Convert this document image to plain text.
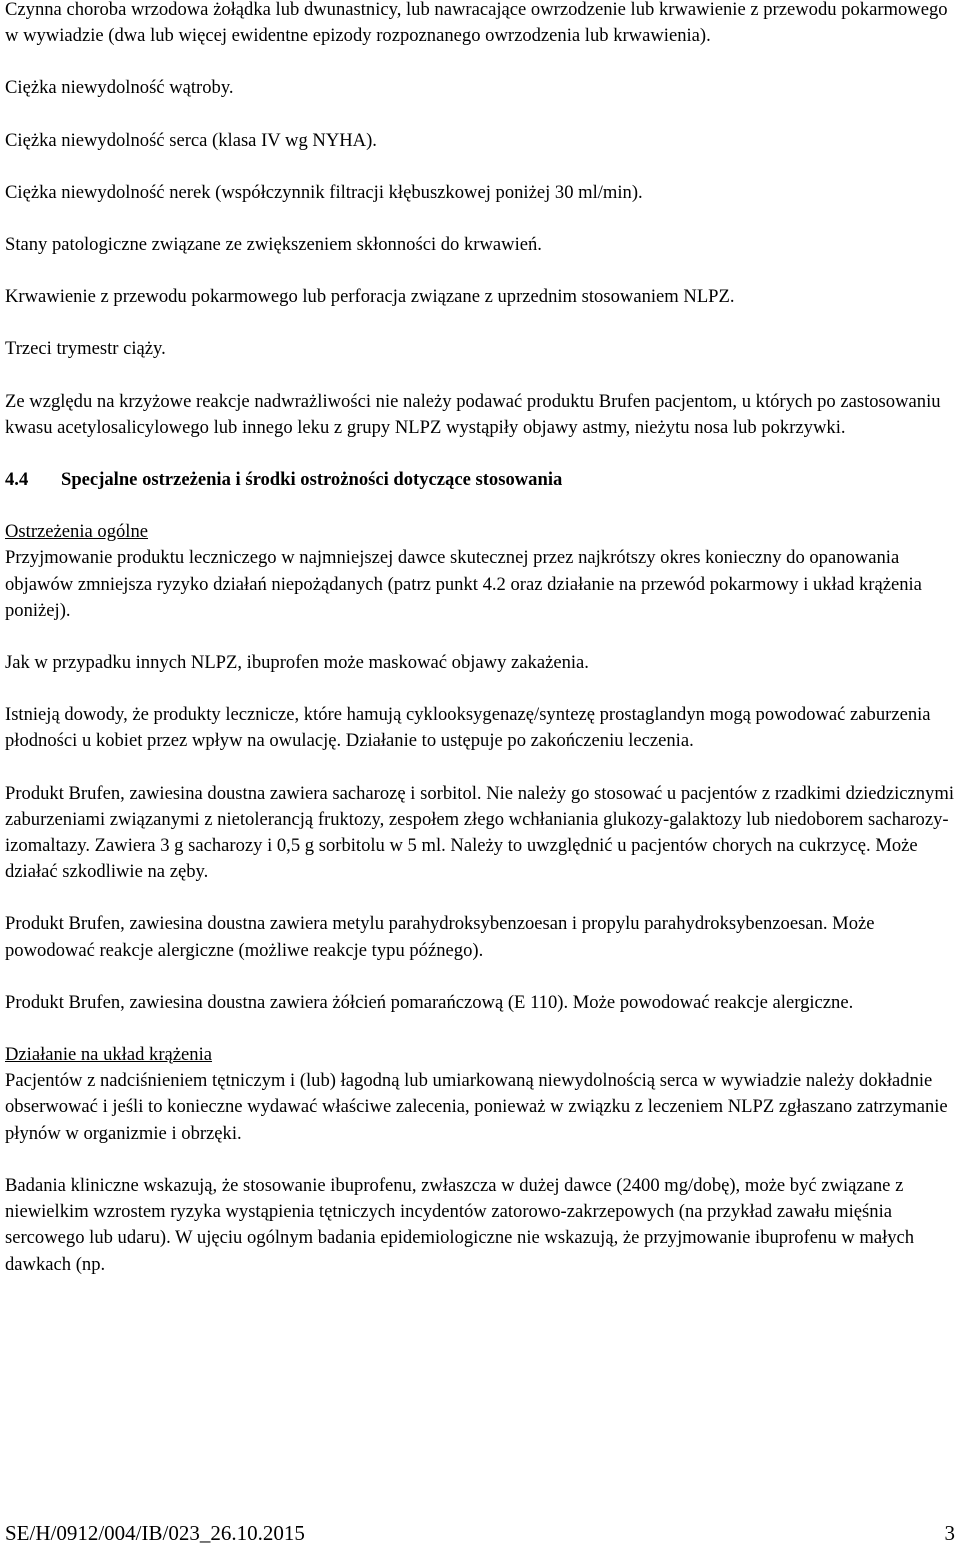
Czynna choroba wrzodowa żołądka lub dwunastnicy, lub nawracające owrzodzenie lub krwawienie z przewodu pokarmowego w wywiadzie (dwa lub więcej ewidentne epizody rozpoznanego owrzodzenia lub krwawienia).

Ciężka niewydolność wątroby.

Ciężka niewydolność serca (klasa IV wg NYHA).

Ciężka niewydolność nerek (współczynnik filtracji kłębuszkowej poniżej 30 ml/min).

Stany patologiczne związane ze zwiększeniem skłonności do krwawień.

Krwawienie z przewodu pokarmowego lub perforacja związane z uprzednim stosowaniem NLPZ.

Trzeci trymestr ciąży.

Ze względu na krzyżowe reakcje nadwrażliwości nie należy podawać produktu Brufen pacjentom, u których po zastosowaniu kwasu acetylosalicylowego lub innego leku z grupy NLPZ wystąpiły objawy astmy, nieżytu nosa lub pokrzywki.

4.4 Specjalne ostrzeżenia i środki ostrożności dotyczące stosowania

Ostrzeżenia ogólne

Przyjmowanie produktu leczniczego w najmniejszej dawce skutecznej przez najkrótszy okres konieczny do opanowania objawów zmniejsza ryzyko działań niepożądanych (patrz punkt 4.2 oraz działanie na przewód pokarmowy i układ krążenia poniżej).

Jak w przypadku innych NLPZ, ibuprofen może maskować objawy zakażenia.

Istnieją dowody, że produkty lecznicze, które hamują cyklooksygenazę/syntezę prostaglandyn mogą powodować zaburzenia płodności u kobiet przez wpływ na owulację. Działanie to ustępuje po zakończeniu leczenia.

Produkt Brufen, zawiesina doustna zawiera sacharozę i sorbitol. Nie należy go stosować u pacjentów z rzadkimi dziedzicznymi zaburzeniami związanymi z nietolerancją fruktozy, zespołem złego wchłaniania glukozy-galaktozy lub niedoborem sacharozy-izomaltazy. Zawiera 3 g sacharozy i 0,5 g sorbitolu w 5 ml. Należy to uwzględnić u pacjentów chorych na cukrzycę. Może działać szkodliwie na zęby.

Produkt Brufen, zawiesina doustna zawiera metylu parahydroksybenzoesan i propylu parahydroksybenzoesan. Może powodować reakcje alergiczne (możliwe reakcje typu późnego).

Produkt Brufen, zawiesina doustna zawiera żółcień pomarańczową (E 110). Może powodować reakcje alergiczne.

Działanie na układ krążenia

Pacjentów z nadciśnieniem tętniczym i (lub) łagodną lub umiarkowaną niewydolnością serca w wywiadzie należy dokładnie obserwować i jeśli to konieczne wydawać właściwe zalecenia, ponieważ w związku z leczeniem NLPZ zgłaszano zatrzymanie płynów w organizmie i obrzęki.

Badania kliniczne wskazują, że stosowanie ibuprofenu, zwłaszcza w dużej dawce (2400 mg/dobę), może być związane z niewielkim wzrostem ryzyka wystąpienia tętniczych incydentów zatorowo-zakrzepowych (na przykład zawału mięśnia sercowego lub udaru). W ujęciu ogólnym badania epidemiologiczne nie wskazują, że przyjmowanie ibuprofenu w małych dawkach (np.

SE/H/0912/004/IB/023_26.10.2015	3
